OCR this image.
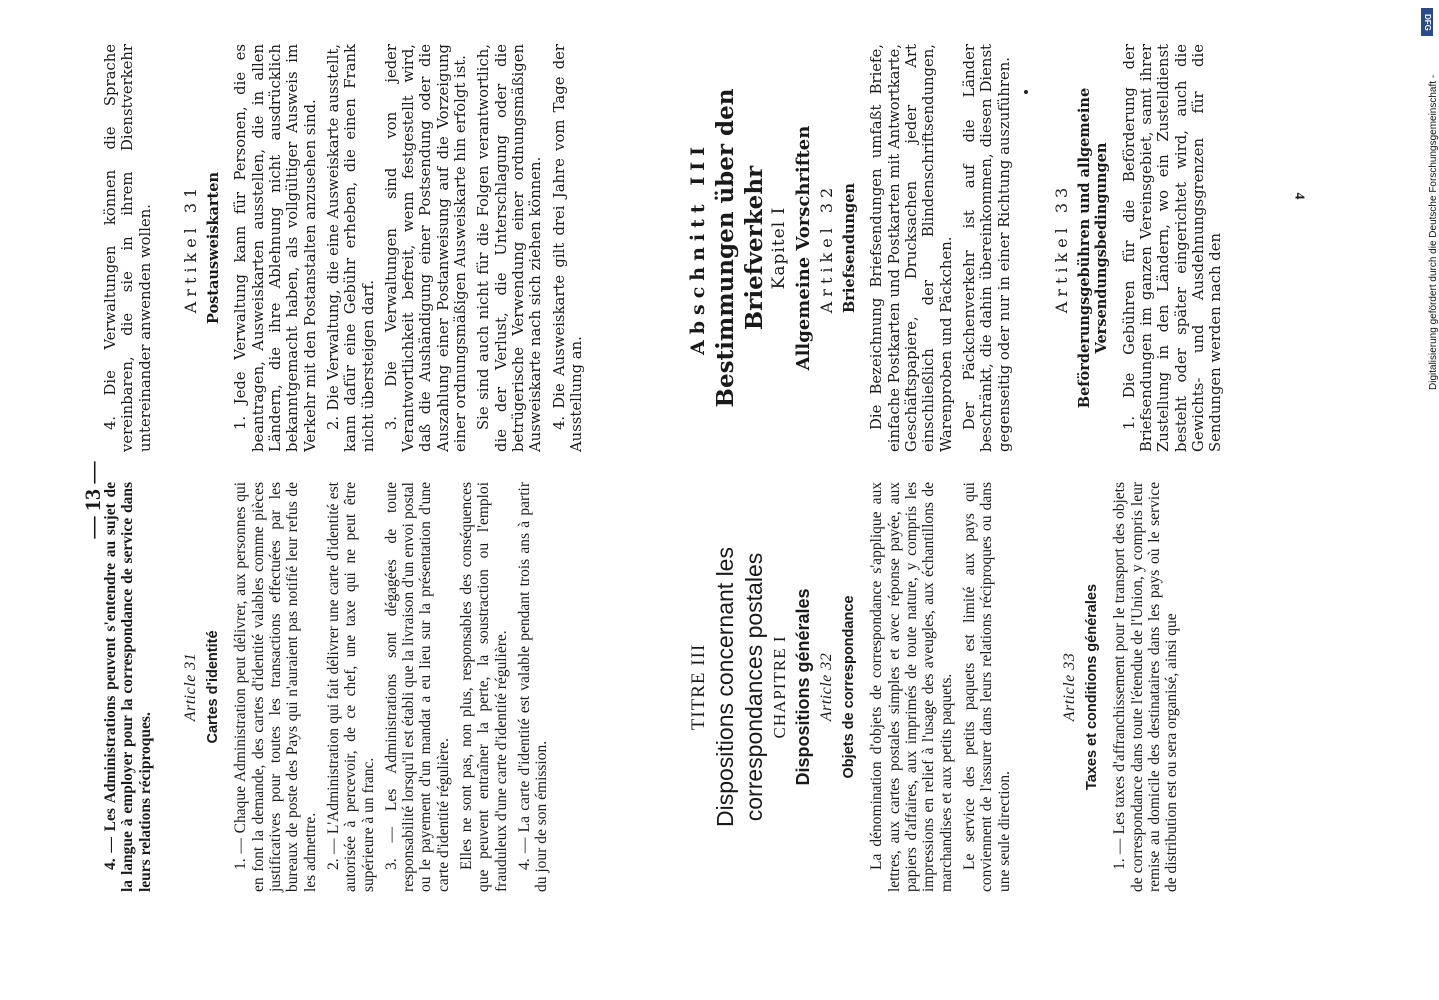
— 13 —

4. — Les Administrations peuvent s'entendre au sujet de la langue à employer pour la correspondance de service dans leurs relations réciproques.

Article 31 Cartes d'identité 1. — Chaque Administration peut délivrer, aux personnes qui en font la demande, des cartes d'identité valables comme pièces justificatives pour toutes les transactions effectuées par les bureaux de poste des Pays qui n'auraient pas notifié leur refus de les admettre. 2. — L'Administration qui fait délivrer une carte d'identité est autorisée à percevoir, de ce chef, une taxe qui ne peut être supérieure à un franc. 3. — Les Administrations sont dégagées de toute responsabilité lorsqu'il est établi que la livraison d'un envoi postal ou le payement d'un mandat a eu lieu sur la présentation d'une carte d'identité régulière. Elles ne sont pas, non plus, responsables des conséquences que peuvent entraîner la perte, la soustraction ou l'emploi frauduleux d'une carte d'identité régulière. 4. — La carte d'identité est valable pendant trois ans à partir du jour de son émission.

TITRE III Dispositions concernant les correspondances postales CHAPITRE I Dispositions générales Article 32 Objets de correspondance La dénomination d'objets de correspondance s'applique aux lettres, aux cartes postales simples et avec réponse payée, aux papiers d'affaires, aux imprimés de toute nature, y compris les impressions en relief à l'usage des aveugles, aux échantillons de marchandises et aux petits paquets. Le service des petits paquets est limité aux pays qui conviennent de l'assurer dans leurs relations réciproques ou dans une seule direction.

Article 33 Taxes et conditions générales 1. — Les taxes d'affranchissement pour le transport des objets de correspondance dans toute l'étendue de l'Union, y compris leur remise au domicile des destinataires dans les pays où le service de distribution est ou sera organisé, ainsi que

4. Die Verwaltungen können die Sprache vereinbaren, die sie in ihrem Dienstverkehr untereinander anwenden wollen. Artikel 31 Postausweiskarten 1. Jede Verwaltung kann für Personen, die es beantragen, Ausweiskarten ausstellen, die in allen Ländern, die ihre Ablehnung nicht ausdrücklich bekanntgemacht haben, als vollgültiger Ausweis im Verkehr mit den Postanstalten anzusehen sind. 2. Die Verwaltung, die eine Ausweiskarte ausstellt, kann dafür eine Gebühr erheben, die einen Frank nicht übersteigen darf. 3. Die Verwaltungen sind von jeder Verantwortlichkeit befreit, wenn festgestellt wird, daß die Aushändigung einer Postsendung oder die Auszahlung einer Postanweisung auf die Vorzeigung einer ordnungsmäßigen Ausweiskarte hin erfolgt ist. Sie sind auch nicht für die Folgen verantwortlich, die der Verlust, die Unterschlagung oder die betrügerische Verwendung einer ordnungsmäßigen Ausweiskarte nach sich ziehen können. 4. Die Ausweiskarte gilt drei Jahre vom Tage der Ausstellung an.

Abschnitt III Bestimmungen über den Briefverkehr Kapitel I Allgemeine Vorschriften Artikel 32 Briefsendungen Die Bezeichnung Briefsendungen umfaßt Briefe, einfache Postkarten und Postkarten mit Antwortkarte, Geschäftspapiere, Drucksachen jeder Art einschließlich der Blindenschriftsendungen, Warenproben und Päckchen. Der Päckchenverkehr ist auf die Länder beschränkt, die dahin übereinkommen, diesen Dienst gegenseitig oder nur in einer Richtung auszuführen. Artikel 33 Beförderungsgebühren und allgemeine Versendungsbedingungen 1. Die Gebühren für die Beförderung der Briefsendungen im ganzen Vereinsgebiet, samt ihrer Zustellung in den Ländern, wo ein Zustelldienst besteht oder später eingerichtet wird, auch die Gewichts- und Ausdehnungsgrenzen für die Sendungen werden nach den

4
DFG
Digitalisierung gefördert durch die Deutsche Forschungsgemeinschaft -
